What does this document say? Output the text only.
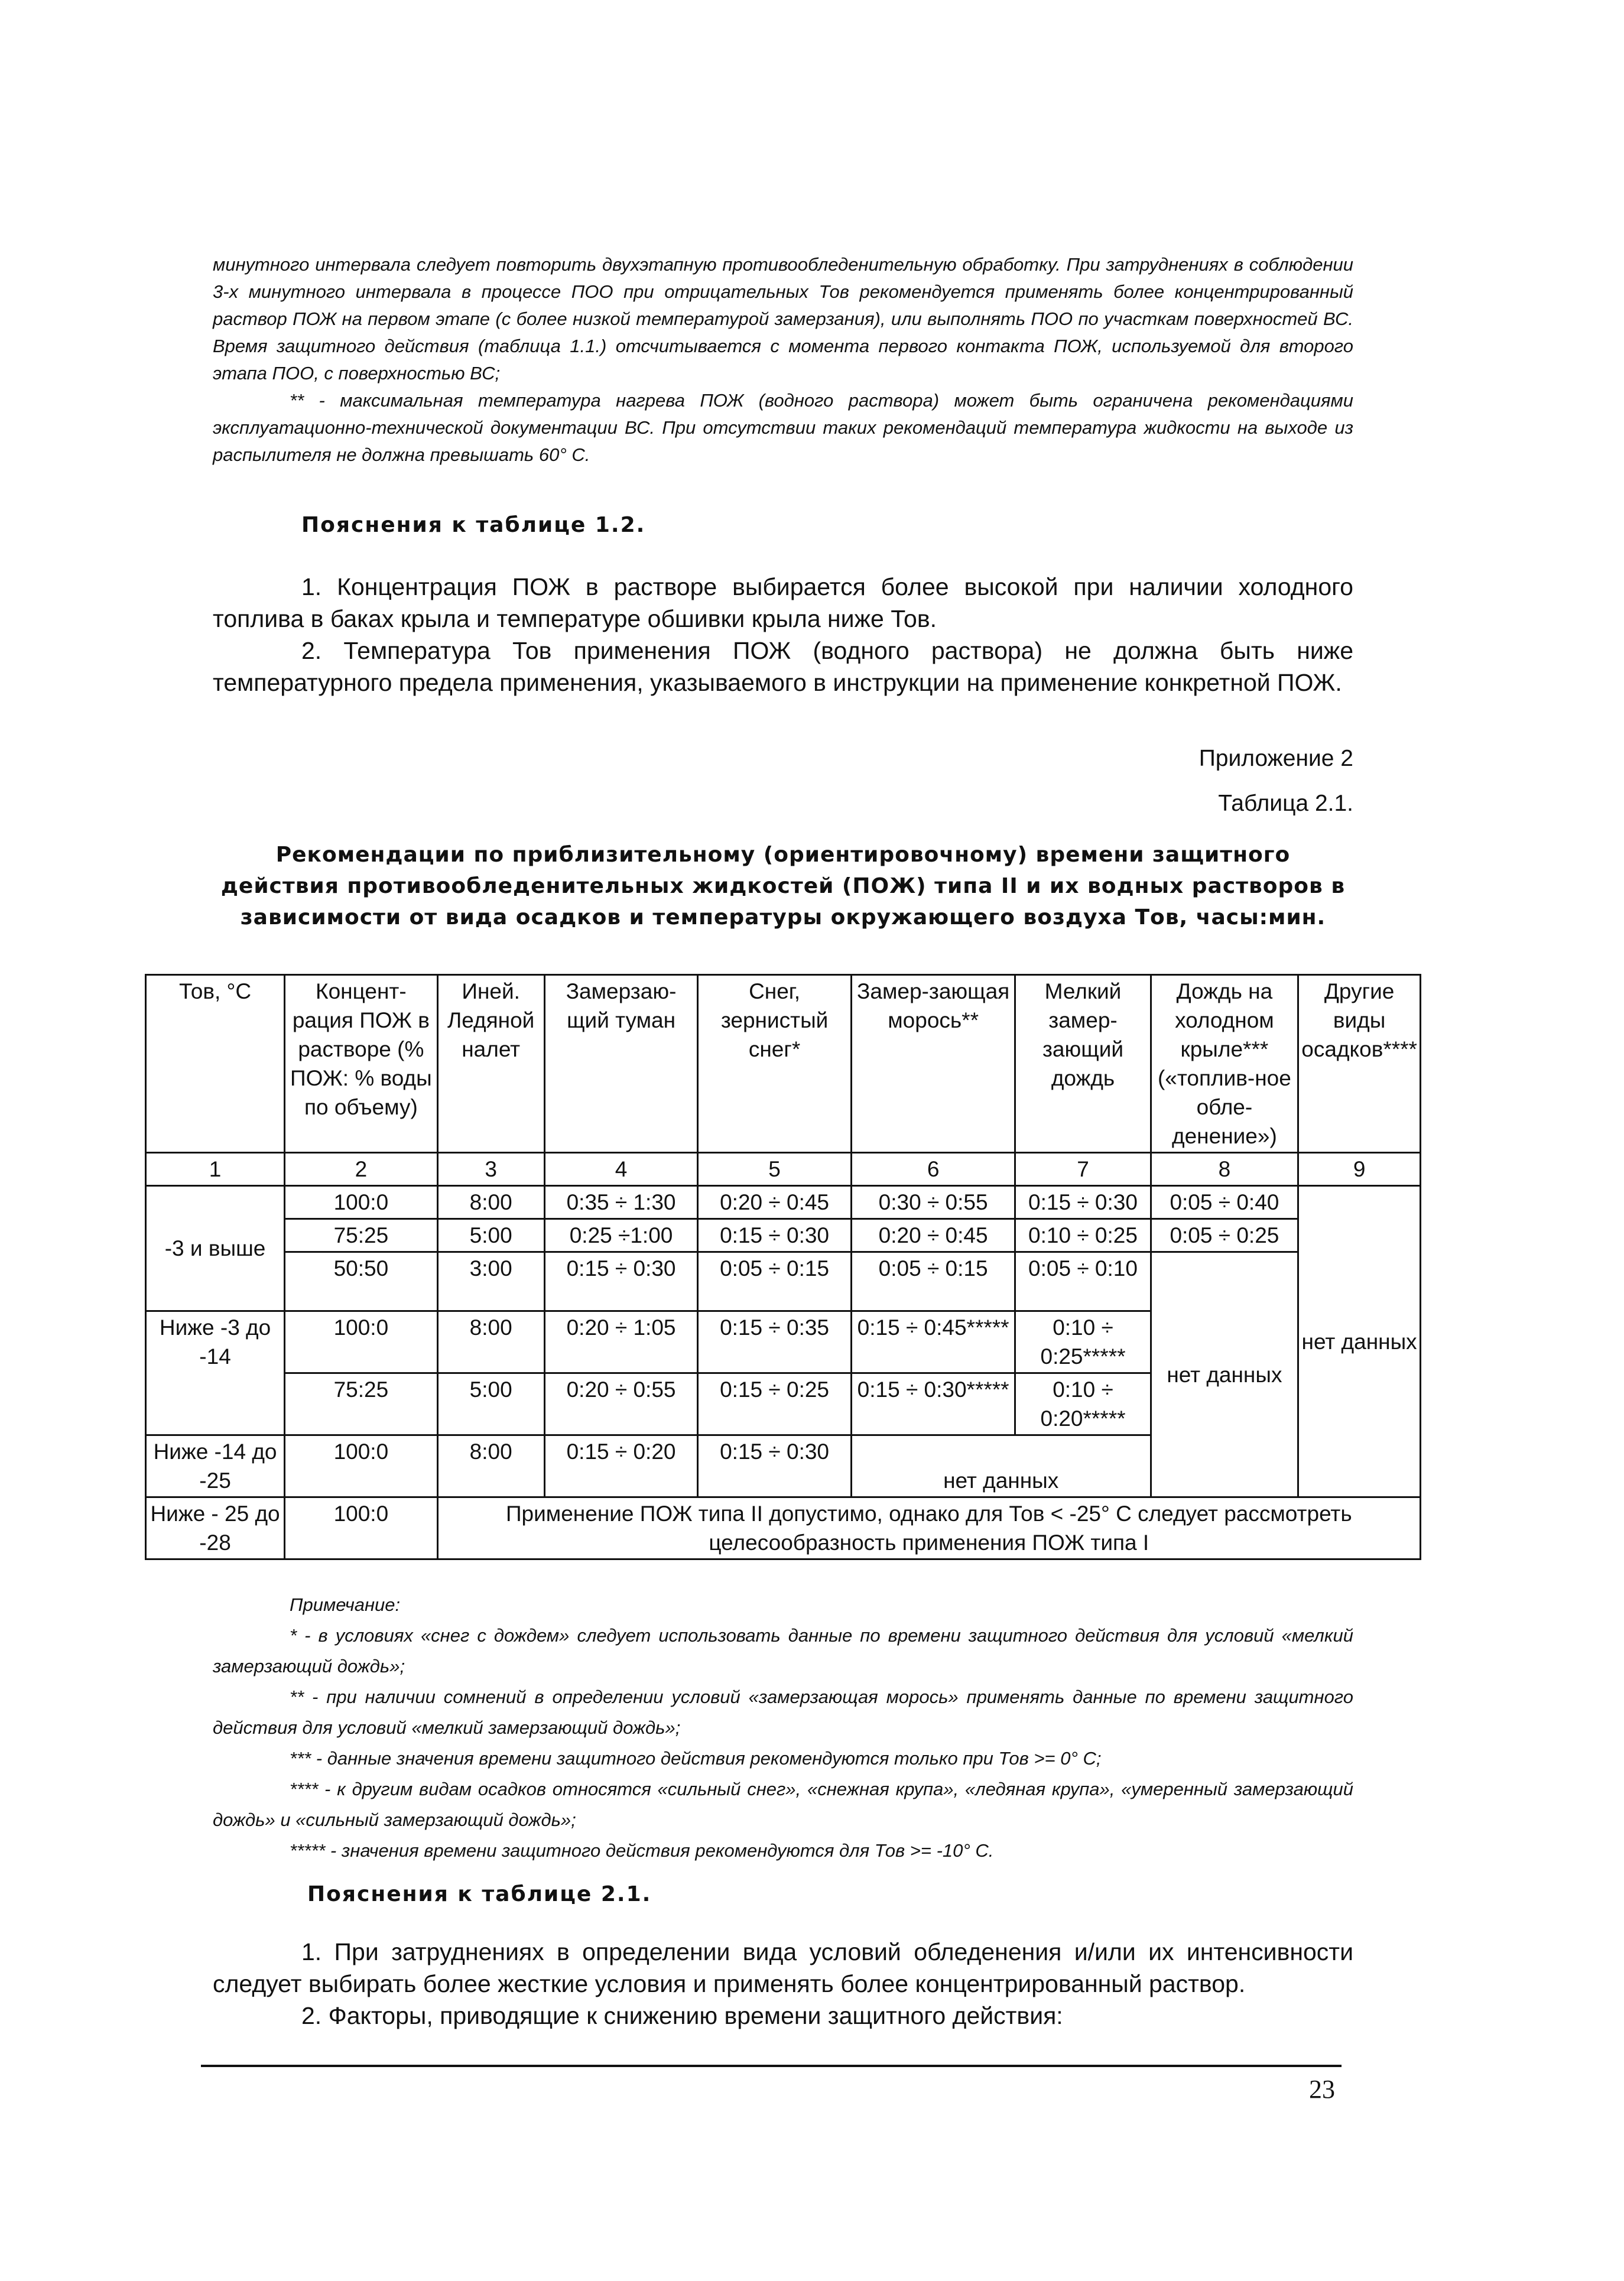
минутного интервала следует повторить двухэтапную противообледенительную обработку. При затруднениях в соблюдении 3-х минутного интервала в процессе ПОО при отрицательных Тов рекомендуется применять более концентрированный раствор ПОЖ на первом этапе (с более низкой температурой замерзания), или выполнять ПОО по участкам поверхностей ВС. Время защитного действия (таблица 1.1.) отсчитывается с момента первого контакта ПОЖ, используемой для второго этапа ПОО, с поверхностью ВС;

** - максимальная температура нагрева ПОЖ (водного раствора) может быть ограничена рекомендациями эксплуатационно-технической документации ВС. При отсутствии таких рекомендаций температура жидкости на выходе из распылителя не должна превышать 60° С.

Пояснения к таблице 1.2.

1. Концентрация ПОЖ в растворе выбирается более высокой при наличии холодного топлива в баках крыла и температуре обшивки крыла ниже Тов.

2. Температура Тов применения ПОЖ (водного раствора) не должна быть ниже температурного предела применения, указываемого в инструкции на применение конкретной ПОЖ.

Приложение 2
Таблица 2.1.
Рекомендации по приблизительному (ориентировочному) времени защитного действия противообледенительных жидкостей (ПОЖ) типа II и их водных растворов в зависимости от вида осадков и температуры окружающего воздуха Тов, часы:мин.
Тов, °С	Концент-рация ПОЖ в растворе (% ПОЖ: % воды по объему)	Иней. Ледяной налет	Замерзаю-щий туман	Снег, зернистый снег*	Замер-зающая морось**	Мелкий замер-зающий дождь	Дождь на холодном крыле*** («топлив-ное обле-денение»)	Другие виды осадков****
1	2	3	4	5	6	7	8	9
-3 и выше	100:0	8:00	0:35 ÷ 1:30	0:20 ÷ 0:45	0:30 ÷ 0:55	0:15 ÷ 0:30	0:05 ÷ 0:40	нет данных
	75:25	5:00	0:25 ÷1:00	0:15 ÷ 0:30	0:20 ÷ 0:45	0:10 ÷ 0:25	0:05 ÷ 0:25	
	50:50	3:00	0:15 ÷ 0:30	0:05 ÷ 0:15	0:05 ÷ 0:15	0:05 ÷ 0:10	нет данных	
Ниже -3 до -14	100:0	8:00	0:20 ÷ 1:05	0:15 ÷ 0:35	0:15 ÷ 0:45*****	0:10 ÷ 0:25*****		
	75:25	5:00	0:20 ÷ 0:55	0:15 ÷ 0:25	0:15 ÷ 0:30*****	0:10 ÷ 0:20*****		
Ниже -14 до -25	100:0	8:00	0:15 ÷ 0:20	0:15 ÷ 0:30	нет данных			
Ниже - 25 до -28	100:0	Применение ПОЖ типа II допустимо, однако для Тов < -25° С следует рассмотреть целесообразность применения ПОЖ типа I						

Примечание:

* - в условиях «снег с дождем» следует использовать данные по времени защитного действия для условий «мелкий замерзающий дождь»;

** - при наличии сомнений в определении условий «замерзающая морось» применять данные по времени защитного действия для условий «мелкий замерзающий дождь»;

*** - данные значения времени защитного действия рекомендуются только при Тов >= 0° С;

**** - к другим видам осадков относятся «сильный снег», «снежная крупа», «ледяная крупа», «умеренный замерзающий дождь» и «сильный замерзающий дождь»;

***** - значения времени защитного действия рекомендуются для Тов >= -10° С.

Пояснения к таблице 2.1.

1. При затруднениях в определении вида условий обледенения и/или их интенсивности следует выбирать более жесткие условия и применять более концентрированный раствор.

2. Факторы, приводящие к снижению времени защитного действия:

23
